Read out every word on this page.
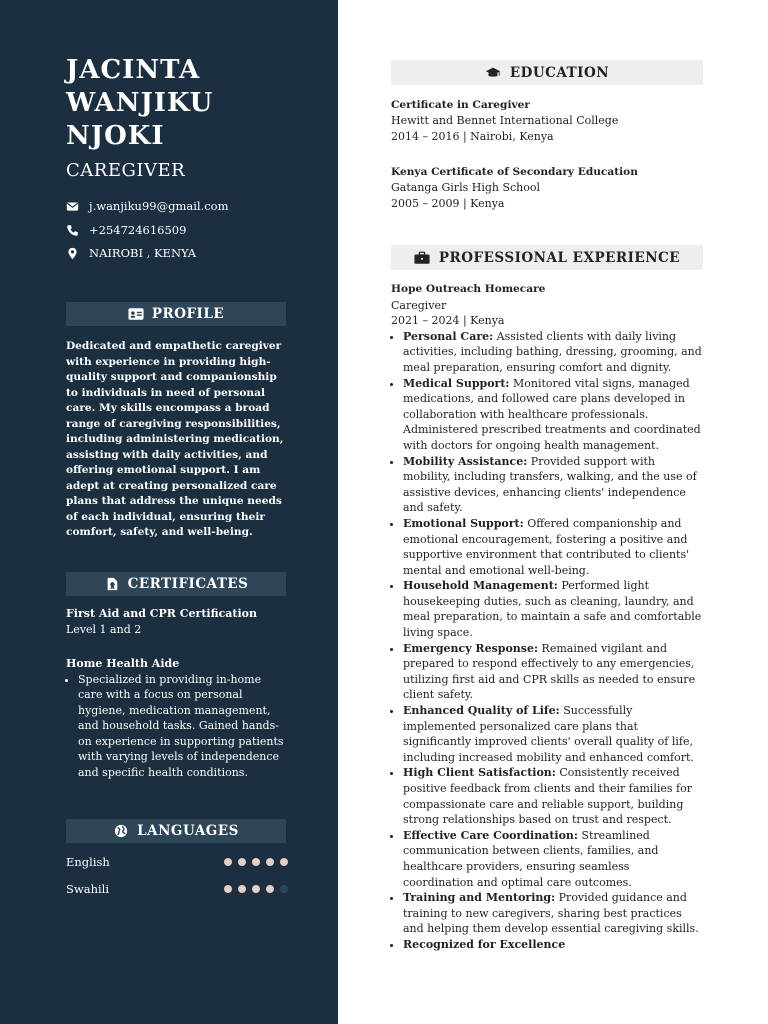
JACINTA
WANJIKU
NJOKI
CAREGIVER
j.wanjiku99@gmail.com
+254724616509
NAIROBI , KENYA
PROFILE
Dedicated and empathetic caregiver with experience in providing high-quality support and companionship to individuals in need of personal care. My skills encompass a broad range of caregiving responsibilities, including administering medication, assisting with daily activities, and offering emotional support. I am adept at creating personalized care plans that address the unique needs of each individual, ensuring their comfort, safety, and well-being.
CERTIFICATES
First Aid and CPR Certification
Level 1 and 2
Home Health Aide
• Specialized in providing in-home care with a focus on personal hygiene, medication management, and household tasks. Gained hands-on experience in supporting patients with varying levels of independence and specific health conditions.
LANGUAGES
English
Swahili
EDUCATION
Certificate in Caregiver
Hewitt and Bennet International College
2014 – 2016 | Nairobi, Kenya
Kenya Certificate of Secondary Education
Gatanga Girls High School
2005 – 2009 | Kenya
PROFESSIONAL EXPERIENCE
Hope Outreach Homecare
Caregiver
2021 – 2024 | Kenya
• Personal Care: Assisted clients with daily living activities, including bathing, dressing, grooming, and meal preparation, ensuring comfort and dignity.
• Medical Support: Monitored vital signs, managed medications, and followed care plans developed in collaboration with healthcare professionals. Administered prescribed treatments and coordinated with doctors for ongoing health management.
• Mobility Assistance: Provided support with mobility, including transfers, walking, and the use of assistive devices, enhancing clients' independence and safety.
• Emotional Support: Offered companionship and emotional encouragement, fostering a positive and supportive environment that contributed to clients' mental and emotional well-being.
• Household Management: Performed light housekeeping duties, such as cleaning, laundry, and meal preparation, to maintain a safe and comfortable living space.
• Emergency Response: Remained vigilant and prepared to respond effectively to any emergencies, utilizing first aid and CPR skills as needed to ensure client safety.
• Enhanced Quality of Life: Successfully implemented personalized care plans that significantly improved clients' overall quality of life, including increased mobility and enhanced comfort.
• High Client Satisfaction: Consistently received positive feedback from clients and their families for compassionate care and reliable support, building strong relationships based on trust and respect.
• Effective Care Coordination: Streamlined communication between clients, families, and healthcare providers, ensuring seamless coordination and optimal care outcomes.
• Training and Mentoring: Provided guidance and training to new caregivers, sharing best practices and helping them develop essential caregiving skills.
• Recognized for Excellence
